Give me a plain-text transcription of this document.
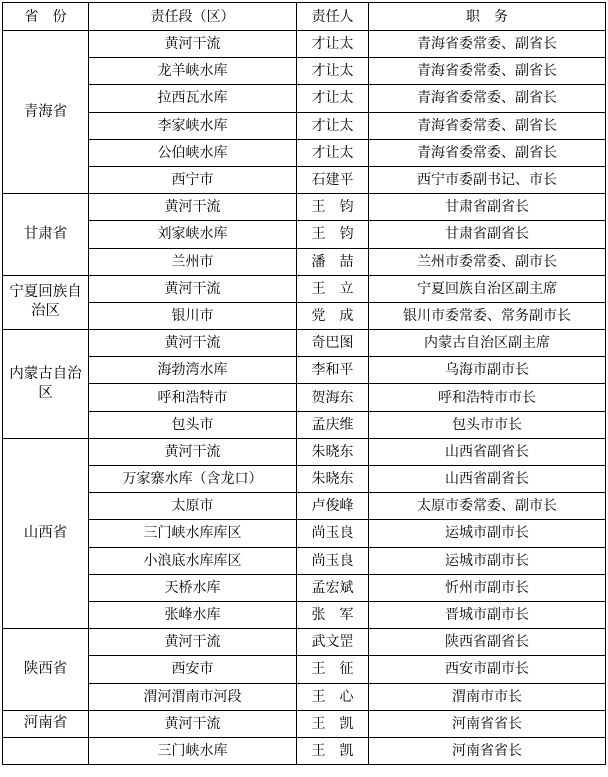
省　份	责任段（区）	责任人	职　务
青海省	黄河干流	才让太	青海省委常委、副省长
	龙羊峡水库	才让太	青海省委常委、副省长
	拉西瓦水库	才让太	青海省委常委、副省长
	李家峡水库	才让太	青海省委常委、副省长
	公伯峡水库	才让太	青海省委常委、副省长
	西宁市	石建平	西宁市委副书记、市长
甘肃省	黄河干流	王　钧	甘肃省副省长
	刘家峡水库	王　钧	甘肃省副省长
	兰州市	潘　喆	兰州市委常委、副市长
宁夏回族自治区	黄河干流	王　立	宁夏回族自治区副主席
	银川市	党　成	银川市委常委、常务副市长
内蒙古自治区	黄河干流	奇巴图	内蒙古自治区副主席
	海勃湾水库	李和平	乌海市副市长
	呼和浩特市	贺海东	呼和浩特市市长
	包头市	孟庆维	包头市市长
山西省	黄河干流	朱晓东	山西省副省长
	万家寨水库（含龙口）	朱晓东	山西省副省长
	太原市	卢俊峰	太原市委常委、副市长
	三门峡水库库区	尚玉良	运城市副市长
	小浪底水库库区	尚玉良	运城市副市长
	天桥水库	孟宏斌	忻州市副市长
	张峰水库	张　军	晋城市副市长
陕西省	黄河干流	武文罡	陕西省副省长
	西安市	王　征	西安市副市长
	渭河渭南市河段	王　心	渭南市市长
河南省	黄河干流	王　凯	河南省省长
	三门峡水库	王　凯	河南省省长
